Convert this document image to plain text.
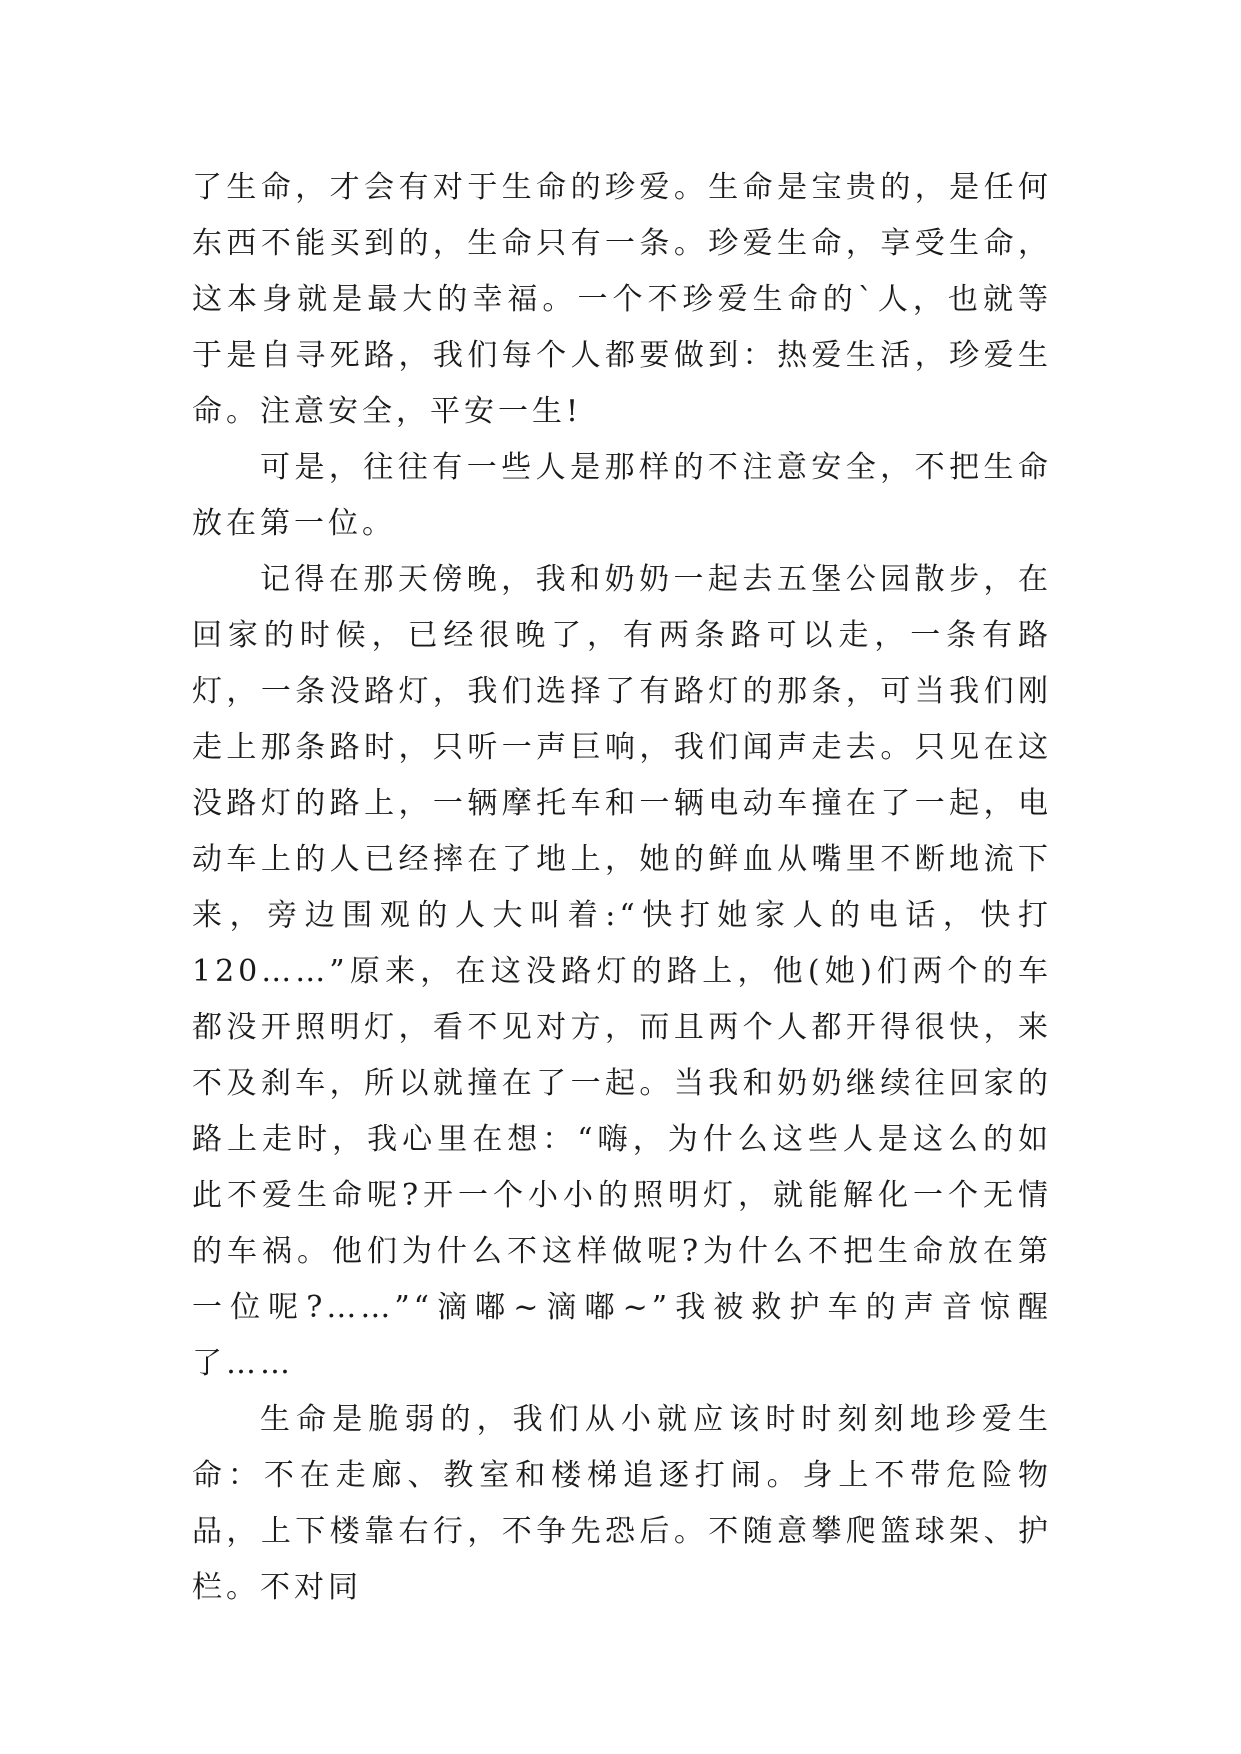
了生命，才会有对于生命的珍爱。生命是宝贵的，是任何东西不能买到的，生命只有一条。珍爱生命，享受生命，这本身就是最大的幸福。一个不珍爱生命的`人，也就等于是自寻死路，我们每个人都要做到：热爱生活，珍爱生命。注意安全，平安一生!

可是，往往有一些人是那样的不注意安全，不把生命放在第一位。

记得在那天傍晚，我和奶奶一起去五堡公园散步，在回家的时候，已经很晚了，有两条路可以走，一条有路灯，一条没路灯，我们选择了有路灯的那条，可当我们刚走上那条路时，只听一声巨响，我们闻声走去。只见在这没路灯的路上，一辆摩托车和一辆电动车撞在了一起，电动车上的人已经摔在了地上，她的鲜血从嘴里不断地流下来，旁边围观的人大叫着:“快打她家人的电话，快打 120……”原来，在这没路灯的路上，他(她)们两个的车都没开照明灯，看不见对方，而且两个人都开得很快，来不及刹车，所以就撞在了一起。当我和奶奶继续往回家的路上走时，我心里在想：“嗨，为什么这些人是这么的如此不爱生命呢?开一个小小的照明灯，就能解化一个无情的车祸。他们为什么不这样做呢?为什么不把生命放在第一位呢?……”“滴嘟~滴嘟~”我被救护车的声音惊醒了……

生命是脆弱的，我们从小就应该时时刻刻地珍爱生命：不在走廊、教室和楼梯追逐打闹。身上不带危险物品，上下楼靠右行，不争先恐后。不随意攀爬篮球架、护栏。不对同
